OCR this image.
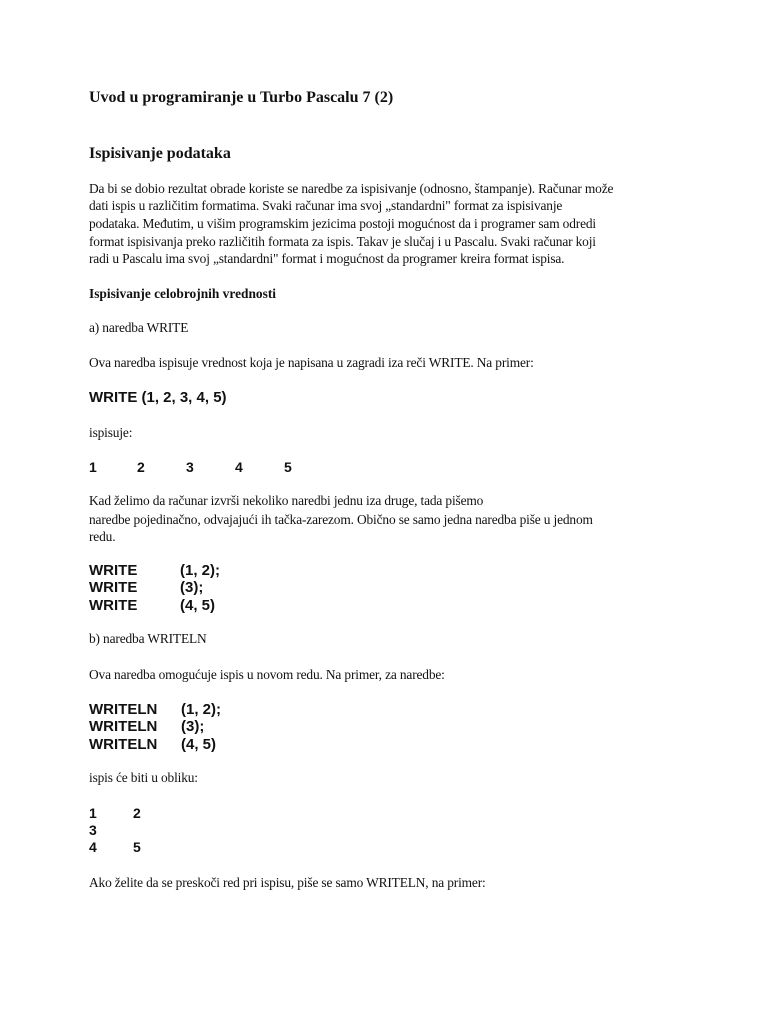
Uvod u programiranje u Turbo Pascalu 7 (2)
Ispisivanje podataka
Da bi se dobio rezultat obrade koriste se naredbe za ispisivanje (odnosno, štampanje). Računar može
dati ispis u različitim formatima. Svaki računar ima svoj „standardni" format za ispisivanje
podataka. Međutim, u višim programskim jezicima postoji mogućnost da i programer sam odredi
format ispisivanja preko različitih formata za ispis. Takav je slučaj i u Pascalu. Svaki računar koji
radi u Pascalu ima svoj „standardni" format i mogućnost da programer kreira format ispisa.
Ispisivanje celobrojnih vrednosti
a) naredba WRITE
Ova naredba ispisuje vrednost koja je napisana u zagradi iza reči WRITE. Na primer:
WRITE (1, 2, 3, 4, 5)
ispisuje:
1	2	3	4	5
Kad želimo da računar izvrši nekoliko naredbi jednu iza druge, tada pišemo
naredbe pojedinačno, odvajajući ih tačka-zarezom. Obično se samo jedna naredba piše u jednom
redu.
WRITE	(1, 2);
WRITE	(3);
WRITE	(4, 5)
b) naredba WRITELN
Ova naredba omogućuje ispis u novom redu. Na primer, za naredbe:
WRITELN (1, 2);
WRITELN (3);
WRITELN (4, 5)
ispis će biti u obliku:
1	2
3
4	5
Ako želite da se preskoči red pri ispisu, piše se samo WRITELN, na primer:
